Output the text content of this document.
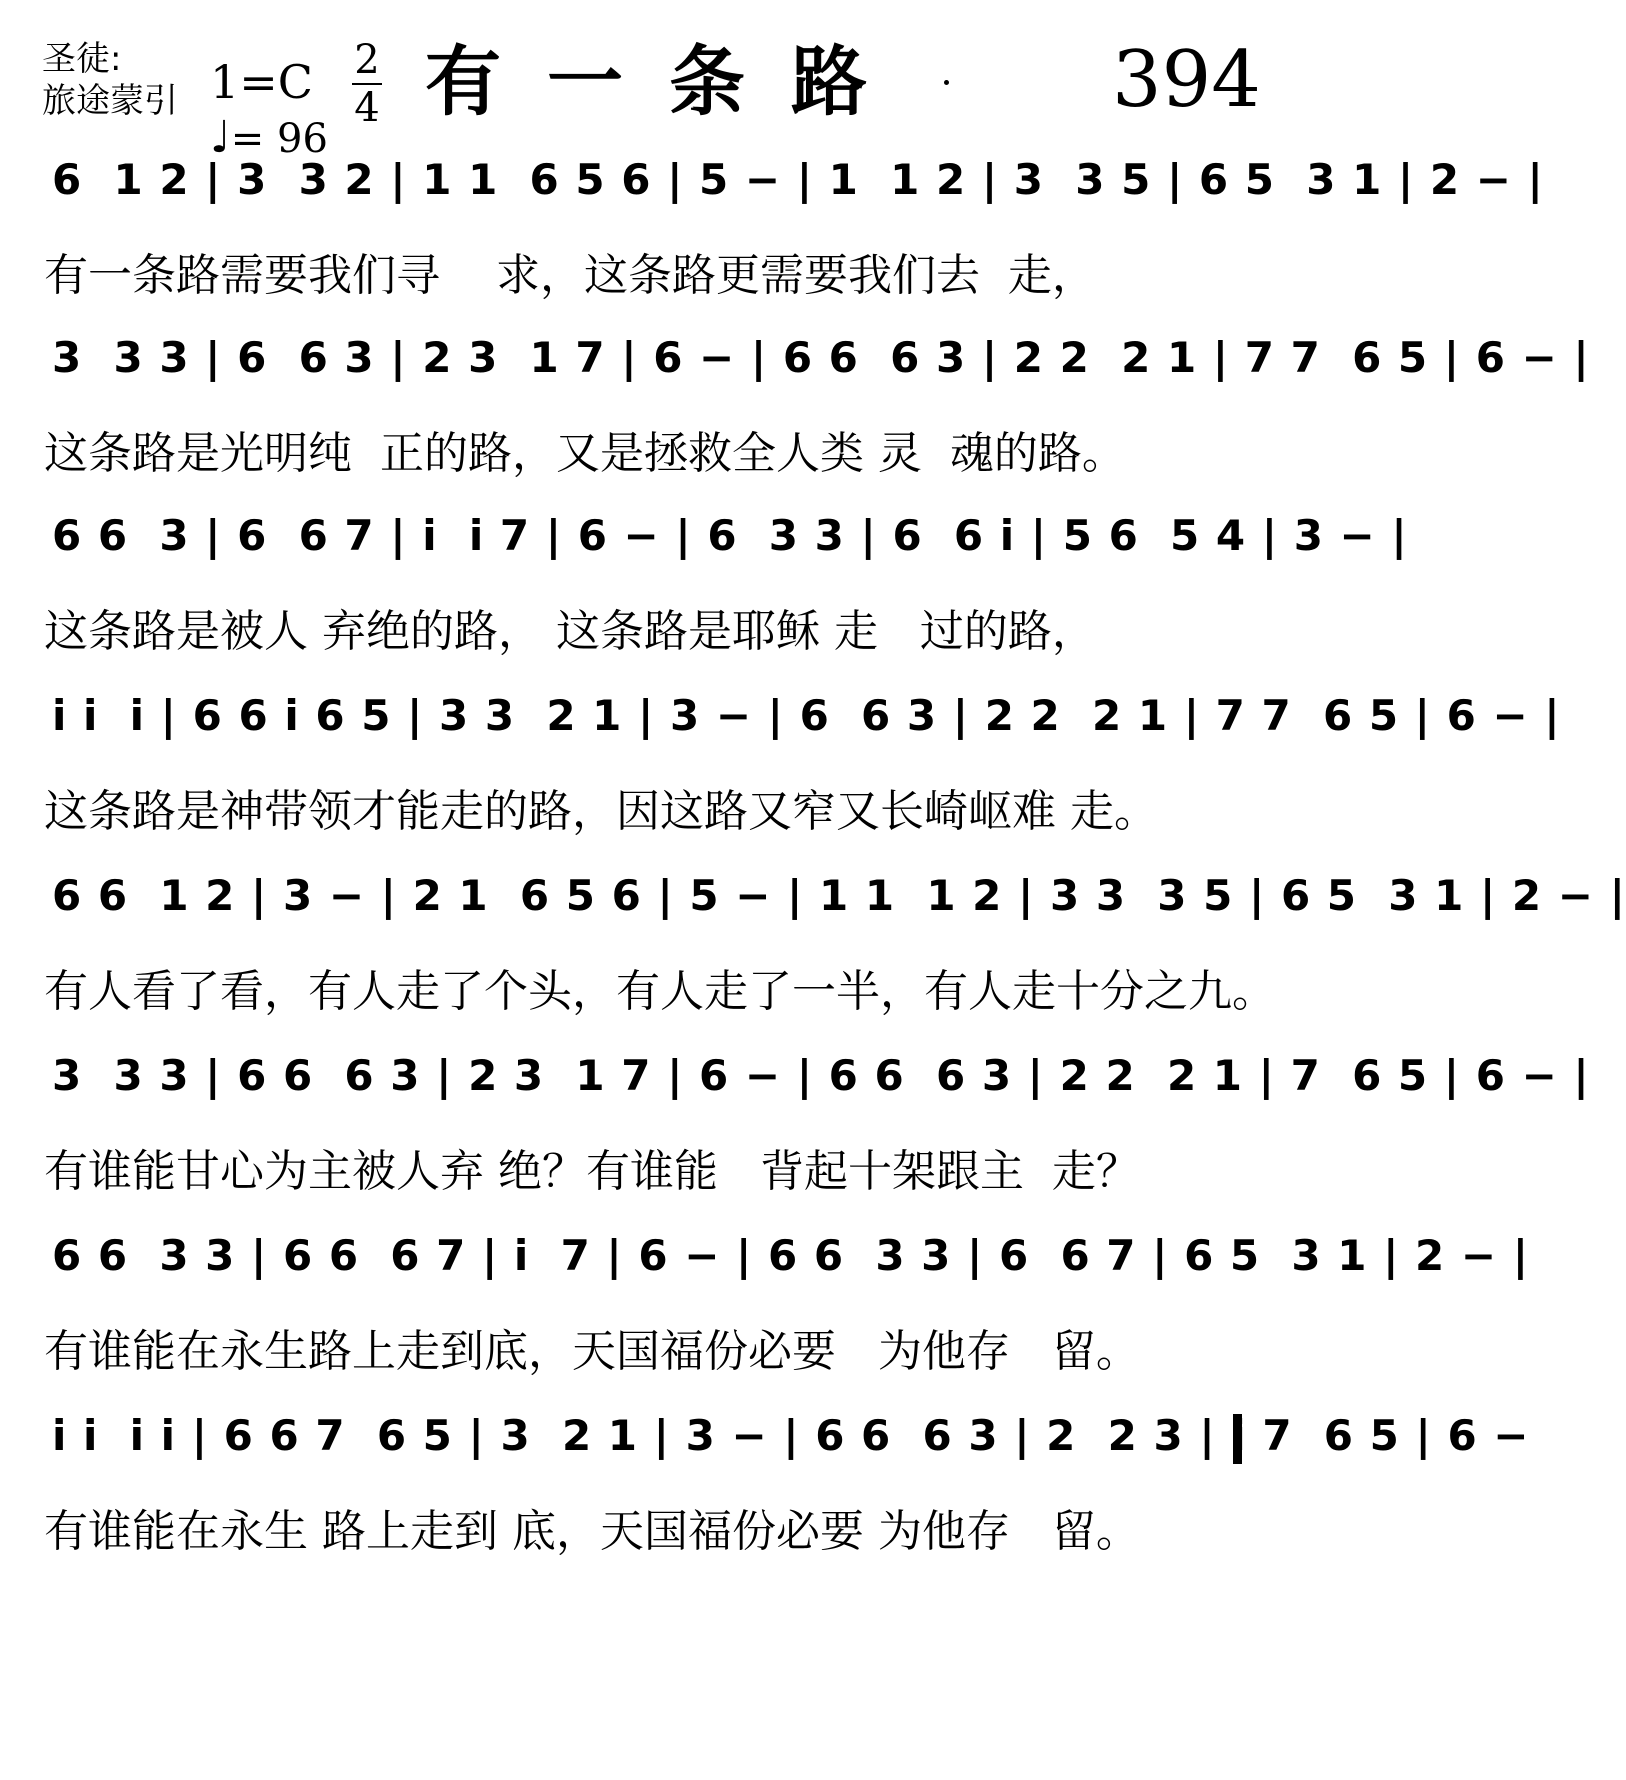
圣徒:
旅途蒙引 1=C
♩= 96
2
4 有一条路	394
6  1 2 | 3  3 2 | 1 1  6 5 6 | 5 − | 1  1 2 | 3  3 5 | 6 5  3 1 | 2 − |
有一条路需要我们寻    求，这条路更需要我们去  走，
3  3 3 | 6  6 3 | 2 3  1 7 | 6 − | 6 6  6 3 | 2 2  2 1 | 7 7  6 5 | 6 − |
这条路是光明纯  正的路，又是拯救全人类 灵  魂的路。
6 6  3 | 6  6 7 | i  i 7 | 6 − | 6  3 3 | 6  6 i | 5 6  5 4 | 3 − |
这条路是被人 弃绝的路， 这条路是耶稣 走   过的路，
i i  i | 6 6 i 6 5 | 3 3  2 1 | 3 − | 6  6 3 | 2 2  2 1 | 7 7  6 5 | 6 − |
这条路是神带领才能走的路，因这路又窄又长崎岖难 走。
6 6  1 2 | 3 − | 2 1  6 5 6 | 5 − | 1 1  1 2 | 3 3  3 5 | 6 5  3 1 | 2 − |
有人看了看，有人走了个头，有人走了一半，有人走十分之九。
3  3 3 | 6 6  6 3 | 2 3  1 7 | 6 − | 6 6  6 3 | 2 2  2 1 | 7  6 5 | 6 − |
有谁能甘心为主被人弃 绝？有谁能   背起十架跟主  走？
6 6  3 3 | 6 6  6 7 | i  7 | 6 − | 6 6  3 3 | 6  6 7 | 6 5  3 1 | 2 − |
有谁能在永生路上走到底，天国福份必要   为他存   留。
i i  i i | 6 6 7  6 5 | 3  2 1 | 3 − | 6 6  6 3 | 2  2 3 | i 7  6 5 | 6 −
有谁能在永生 路上走到 底，天国福份必要 为他存   留。
